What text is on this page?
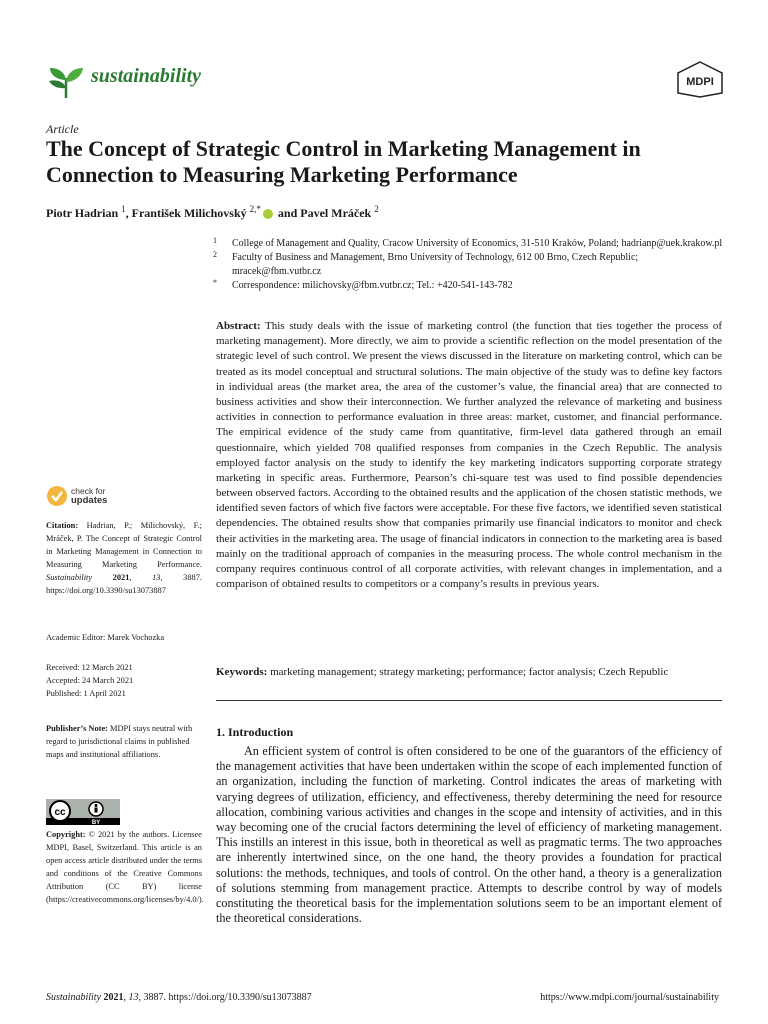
sustainability	MDPI
Article
The Concept of Strategic Control in Marketing Management in Connection to Measuring Marketing Performance
Piotr Hadrian $^1$, František Milichovský $^{2,*}$ and Pavel Mráček $^2$
1 College of Management and Quality, Cracow University of Economics, 31-510 Kraków, Poland; hadrianp@uek.krakow.pl
2 Faculty of Business and Management, Brno University of Technology, 612 00 Brno, Czech Republic; mracek@fbm.vutbr.cz
* Correspondence: milichovsky@fbm.vutbr.cz; Tel.: +420-541-143-782

Abstract: This study deals with the issue of marketing control (the function that ties together the process of marketing management). More directly, we aim to provide a scientific reflection on the model presentation of the strategic level of such control. We present the views discussed in the literature on marketing control, which can be treated as its model conceptual and structural solutions. The main objective of the study was to define key factors in individual areas (the market area, the area of the customer’s value, the financial area) that are connected to business activities and show their interconnection. We further analyzed the relevance of marketing and business activities in connection to performance evaluation in three areas: market, customer, and financial performance. The empirical evidence of the study came from quantitative, firm-level data gathered through an email questionnaire, which yielded 708 qualified responses from companies in the Czech Republic. The analysis employed factor analysis on the study to identify the key marketing indicators supporting corporate strategy marketing in specific areas. Furthermore, Pearson’s chi-square test was used to find possible dependencies between observed factors. According to the obtained results and the application of the chosen statistic methods, we identified seven factors of which five factors were acceptable. For these five factors, we identified seven statistical dependencies. The obtained results show that companies primarily use financial indicators to monitor and check their activities in the marketing area. The usage of financial indicators in connection to the marketing area is based mainly on the traditional approach of companies in the measuring process. The whole control mechanism in the company requires continuous control of all corporate activities, with relevant changes in implementation, and a comparison of obtained results to competitors or a company’s results in previous years.

Keywords: marketing management; strategy marketing; performance; factor analysis; Czech Republic

1. Introduction

An efficient system of control is often considered to be one of the guarantors of the efficiency of the management activities that have been undertaken within the scope of each implemented function of an organization, including the function of marketing. Control indicates the areas of marketing with varying degrees of utilization, efficiency, and effectiveness, thereby determining the need for resource allocation, combining various activities and changes in the scope and intensity of activities, and in this way becoming one of the crucial factors determining the level of efficiency of marketing management. This instills an interest in this issue, both in theoretical as well as pragmatic terms. The two approaches are inherently intertwined since, on the one hand, the theory provides a foundation for practical solutions: the methods, techniques, and tools of control. On the other hand, a theory is a generalization of solutions stemming from management practice. Attempts to describe control by way of models constituting the theoretical basis for the implementation solutions seem to be an important element of the theoretical considerations.

check for
updates
Citation: Hadrian, P.; Milichovský, F.; Mráček, P. The Concept of Strategic Control in Marketing Management in Connection to Measuring Marketing Performance. Sustainability 2021, 13, 3887. https://doi.org/10.3390/su13073887
Academic Editor: Marek Vochozka
Received: 12 March 2021
Accepted: 24 March 2021
Published: 1 April 2021
Publisher’s Note: MDPI stays neutral with regard to jurisdictional claims in published maps and institutional affiliations.
cc
BY
Copyright: © 2021 by the authors. Licensee MDPI, Basel, Switzerland. This article is an open access article distributed under the terms and conditions of the Creative Commons Attribution (CC BY) license (https://creativecommons.org/licenses/by/4.0/).
Sustainability 2021, 13, 3887. https://doi.org/10.3390/su13073887	https://www.mdpi.com/journal/sustainability
